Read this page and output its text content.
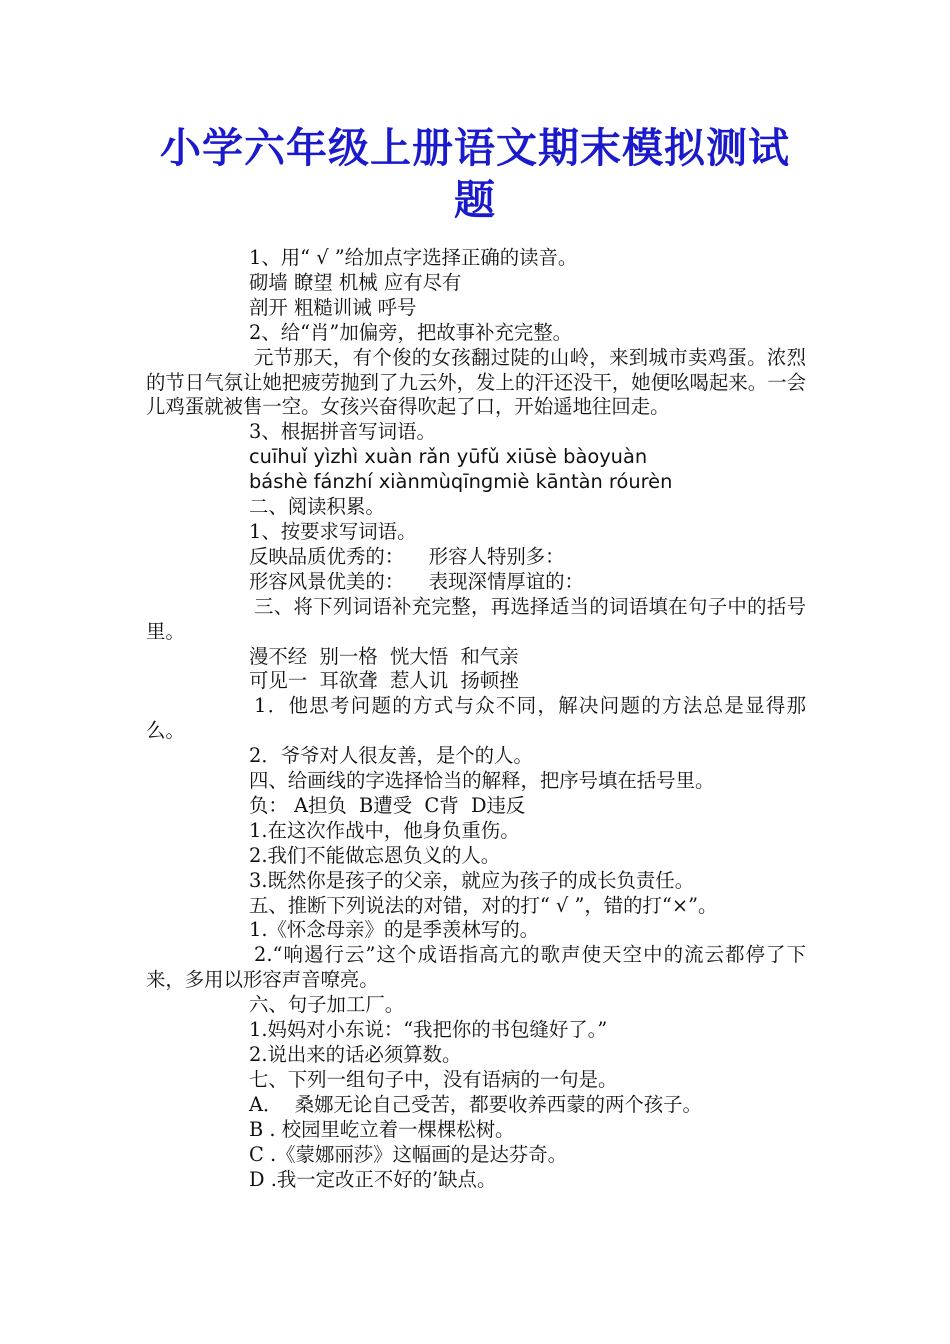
小学六年级上册语文期末模拟测试题

1、用“ √ ”给加点字选择正确的读音。

砌墙 瞭望 机械 应有尽有

剖开 粗糙训诫 呼号

2、给“肖”加偏旁，把故事补充完整。

元节那天，有个俊的女孩翻过陡的山岭，来到城市卖鸡蛋。浓烈的节日气氛让她把疲劳抛到了九云外，发上的汗还没干，她便吆喝起来。一会儿鸡蛋就被售一空。女孩兴奋得吹起了口，开始遥地往回走。

3、根据拼音写词语。

cuīhuǐ yìzhì xuàn rǎn yūfǔ xiūsè bàoyuàn

báshè fánzhí xiànmùqīnɡmiè kāntàn róurèn

二、阅读积累。

1、按要求写词语。

反映品质优秀的：    形容人特别多：

形容风景优美的：    表现深情厚谊的：

三、将下列词语补充完整，再选择适当的词语填在句子中的括号里。

漫不经  别一格  恍大悟  和气亲

可见一  耳欲聋  惹人讥  扬顿挫

1．他思考问题的方式与众不同，解决问题的方法总是显得那么。

2．爷爷对人很友善，是个的人。

四、给画线的字选择恰当的解释，把序号填在括号里。

负： A担负  B遭受  C背  D违反

1.在这次作战中，他身负重伤。

2.我们不能做忘恩负义的人。

3.既然你是孩子的父亲，就应为孩子的成长负责任。

五、推断下列说法的对错，对的打“ √ ”，错的打“×”。

1.《怀念母亲》的是季羡林写的。

2.“响遏行云”这个成语指高亢的歌声使天空中的流云都停了下来，多用以形容声音嘹亮。

六、句子加工厂。

1.妈妈对小东说：“我把你的书包缝好了。”

2.说出来的话必须算数。

七、下列一组句子中，没有语病的一句是。

A．  桑娜无论自己受苦，都要收养西蒙的两个孩子。

B . 校园里屹立着一棵棵松树。

C .《蒙娜丽莎》这幅画的是达芬奇。

D .我一定改正不好的’缺点。
